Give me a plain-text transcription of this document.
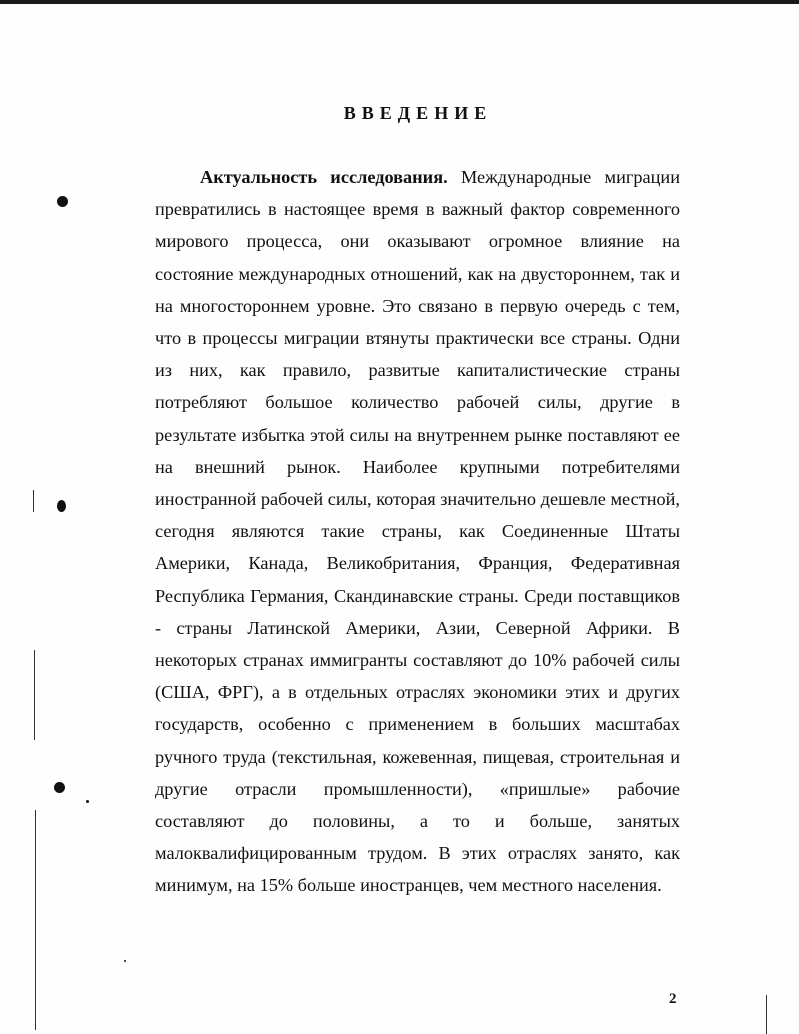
ВВЕДЕНИЕ

Актуальность исследования. Международные миграции превратились в настоящее время в важный фактор современного мирового процесса, они оказывают огромное влияние на состояние международных отношений, как на двустороннем, так и на многостороннем уровне. Это связано в первую очередь с тем, что в процессы миграции втянуты практически все страны. Одни из них, как правило, развитые капиталистические страны потребляют большое количество рабочей силы, другие в результате избытка этой силы на внутреннем рынке поставляют ее на внешний рынок. Наиболее крупными потребителями иностранной рабочей силы, которая значительно дешевле местной, сегодня являются такие страны, как Соединенные Штаты Америки, Канада, Великобритания, Франция, Федеративная Республика Германия, Скандинавские страны. Среди поставщиков - страны Латинской Америки, Азии, Северной Африки. В некоторых странах иммигранты составляют до 10% рабочей силы (США, ФРГ), а в отдельных отраслях экономики этих и других государств, особенно с применением в больших масштабах ручного труда (текстильная, кожевенная, пищевая, строительная и другие отрасли промышленности), «пришлые» рабочие составляют до половины, а то и больше, занятых малоквалифицированным трудом. В этих отраслях занято, как минимум, на 15% больше иностранцев, чем местного населения.

2
